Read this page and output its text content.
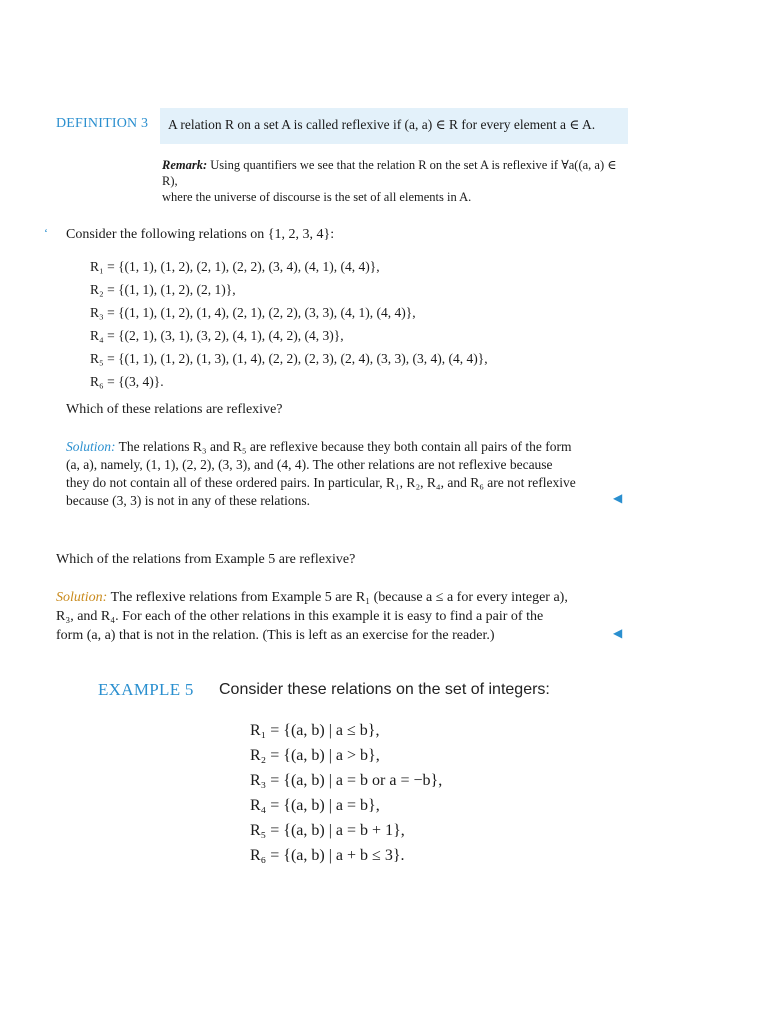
DEFINITION 3 A relation R on a set A is called reflexive if (a, a) ∈ R for every element a ∈ A.
Remark: Using quantifiers we see that the relation R on the set A is reflexive if ∀a((a, a) ∈ R),
where the universe of discourse is the set of all elements in A.
ʻ Consider the following relations on {1, 2, 3, 4}:
R₁ = {(1, 1), (1, 2), (2, 1), (2, 2), (3, 4), (4, 1), (4, 4)},
R₂ = {(1, 1), (1, 2), (2, 1)},
R₃ = {(1, 1), (1, 2), (1, 4), (2, 1), (2, 2), (3, 3), (4, 1), (4, 4)},
R₄ = {(2, 1), (3, 1), (3, 2), (4, 1), (4, 2), (4, 3)},
R₅ = {(1, 1), (1, 2), (1, 3), (1, 4), (2, 2), (2, 3), (2, 4), (3, 3), (3, 4), (4, 4)},
R₆ = {(3, 4)}.
Which of these relations are reflexive?
Solution: The relations R₃ and R₅ are reflexive because they both contain all pairs of the form
(a, a), namely, (1, 1), (2, 2), (3, 3), and (4, 4). The other relations are not reflexive because
they do not contain all of these ordered pairs. In particular, R₁, R₂, R₄, and R₆ are not reflexive
because (3, 3) is not in any of these relations.	◀
Which of the relations from Example 5 are reflexive?
Solution: The reflexive relations from Example 5 are R₁ (because a ≤ a for every integer a),
R₃, and R₄. For each of the other relations in this example it is easy to find a pair of the
form (a, a) that is not in the relation. (This is left as an exercise for the reader.)	◀
EXAMPLE 5 Consider these relations on the set of integers:
R₁ = {(a, b) | a ≤ b},
R₂ = {(a, b) | a > b},
R₃ = {(a, b) | a = b or a = −b},
R₄ = {(a, b) | a = b},
R₅ = {(a, b) | a = b + 1},
R₆ = {(a, b) | a + b ≤ 3}.
